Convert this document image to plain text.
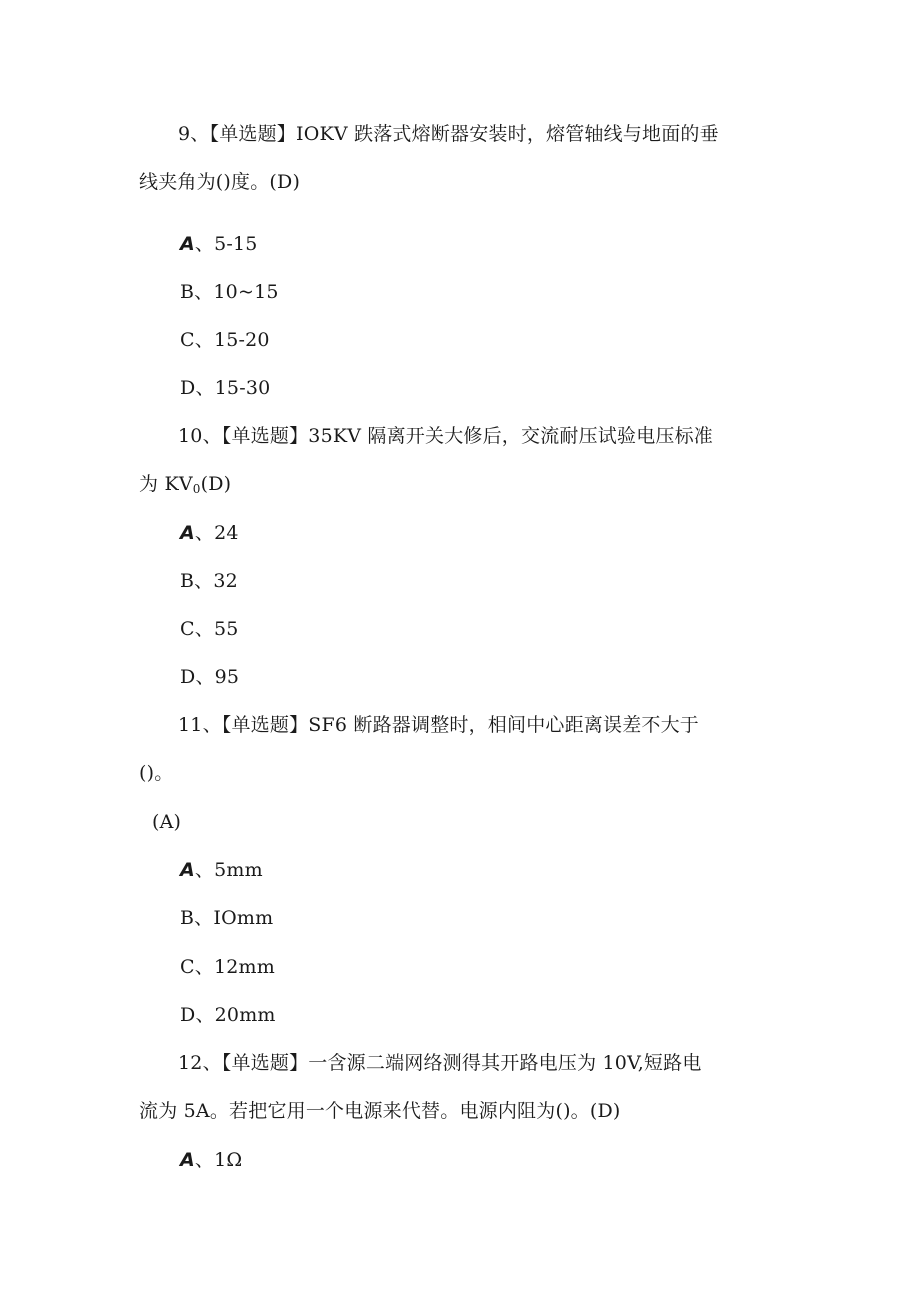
9、【单选题】IOKV 跌落式熔断器安装时，熔管轴线与地面的垂
线夹角为()度。(D)
A、5-15
B、10~15
C、15-20
D、15-30
10、【单选题】35KV 隔离开关大修后，交流耐压试验电压标准
为 $KV_0(D)$
A、24
B、32
C、55
D、95
11、【单选题】SF6 断路器调整时，相间中心距离误差不大于
()。
(A)
A、5mm
B、IOmm
C、12mm
D、20mm
12、【单选题】一含源二端网络测得其开路电压为 10V,短路电
流为 5A。若把它用一个电源来代替。电源内阻为()。(D)
A、1Ω
